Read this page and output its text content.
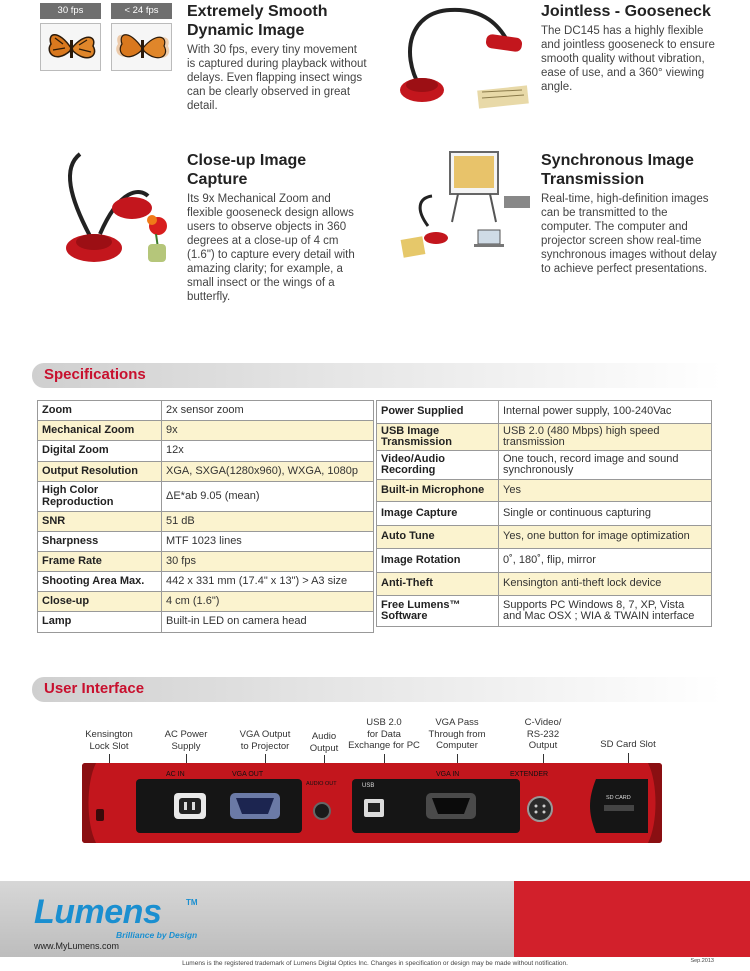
30 fps	< 24 fps	Extremely Smooth
Dynamic Image

With 30 fps, every tiny movement is captured during playback without delays. Even flapping insect wings can be clearly observed in great detail.

Jointless - Gooseneck

The DC145 has a highly flexible and jointless gooseneck to ensure smooth quality without vibration, ease of use, and a 360° viewing angle.

Close-up Image
Capture

Its 9x Mechanical Zoom and flexible gooseneck design allows users to observe objects in 360 degrees at a close-up of 4 cm (1.6") to capture every detail with amazing clarity; for example, a small insect or the wings of a butterfly.

Synchronous Image
Transmission

Real-time, high-definition images can be transmitted to the computer. The computer and projector screen show real-time synchronous images without delay to achieve perfect presentations.

Specifications
Zoom	2x sensor zoom
Mechanical Zoom	9x
Digital Zoom	12x
Output Resolution	XGA, SXGA(1280x960), WXGA, 1080p
High Color
Reproduction	ΔE*ab 9.05 (mean)
SNR	51 dB
Sharpness	MTF 1023 lines
Frame Rate	30 fps
Shooting Area Max.	442 x 331 mm (17.4" x 13") > A3 size
Close-up	4 cm (1.6")
Lamp	Built-in LED on camera head
Power Supplied	Internal power supply, 100-240Vac
USB Image
Transmission	USB 2.0 (480 Mbps) high speed
transmission
Video/Audio
Recording	One touch, record image and sound
synchronously
Built-in Microphone	Yes
Image Capture	Single or continuous capturing
Auto Tune	Yes, one button for image optimization
Image Rotation	0˚, 180˚, flip, mirror
Anti-Theft	Kensington anti-theft lock device
Free Lumens™
Software	Supports PC Windows 8, 7, XP, Vista
and Mac OSX ; WIA & TWAIN interface
User Interface
Kensington
Lock Slot
AC Power
Supply
VGA Output
to Projector
Audio
Output
USB 2.0
for Data
Exchange for PC
VGA Pass
Through from
Computer
C-Video/
RS-232
Output	SD Card Slot
AC IN	VGA OUT
AUDIO OUT	USB
VGA IN	EXTENDER
SD CARD
Lumens	TM
Brilliance by Design
www.MyLumens.com
Lumens is the registered trademark of Lumens Digital Optics Inc. Changes in specification or design may be made without notification.	Sep.2013
